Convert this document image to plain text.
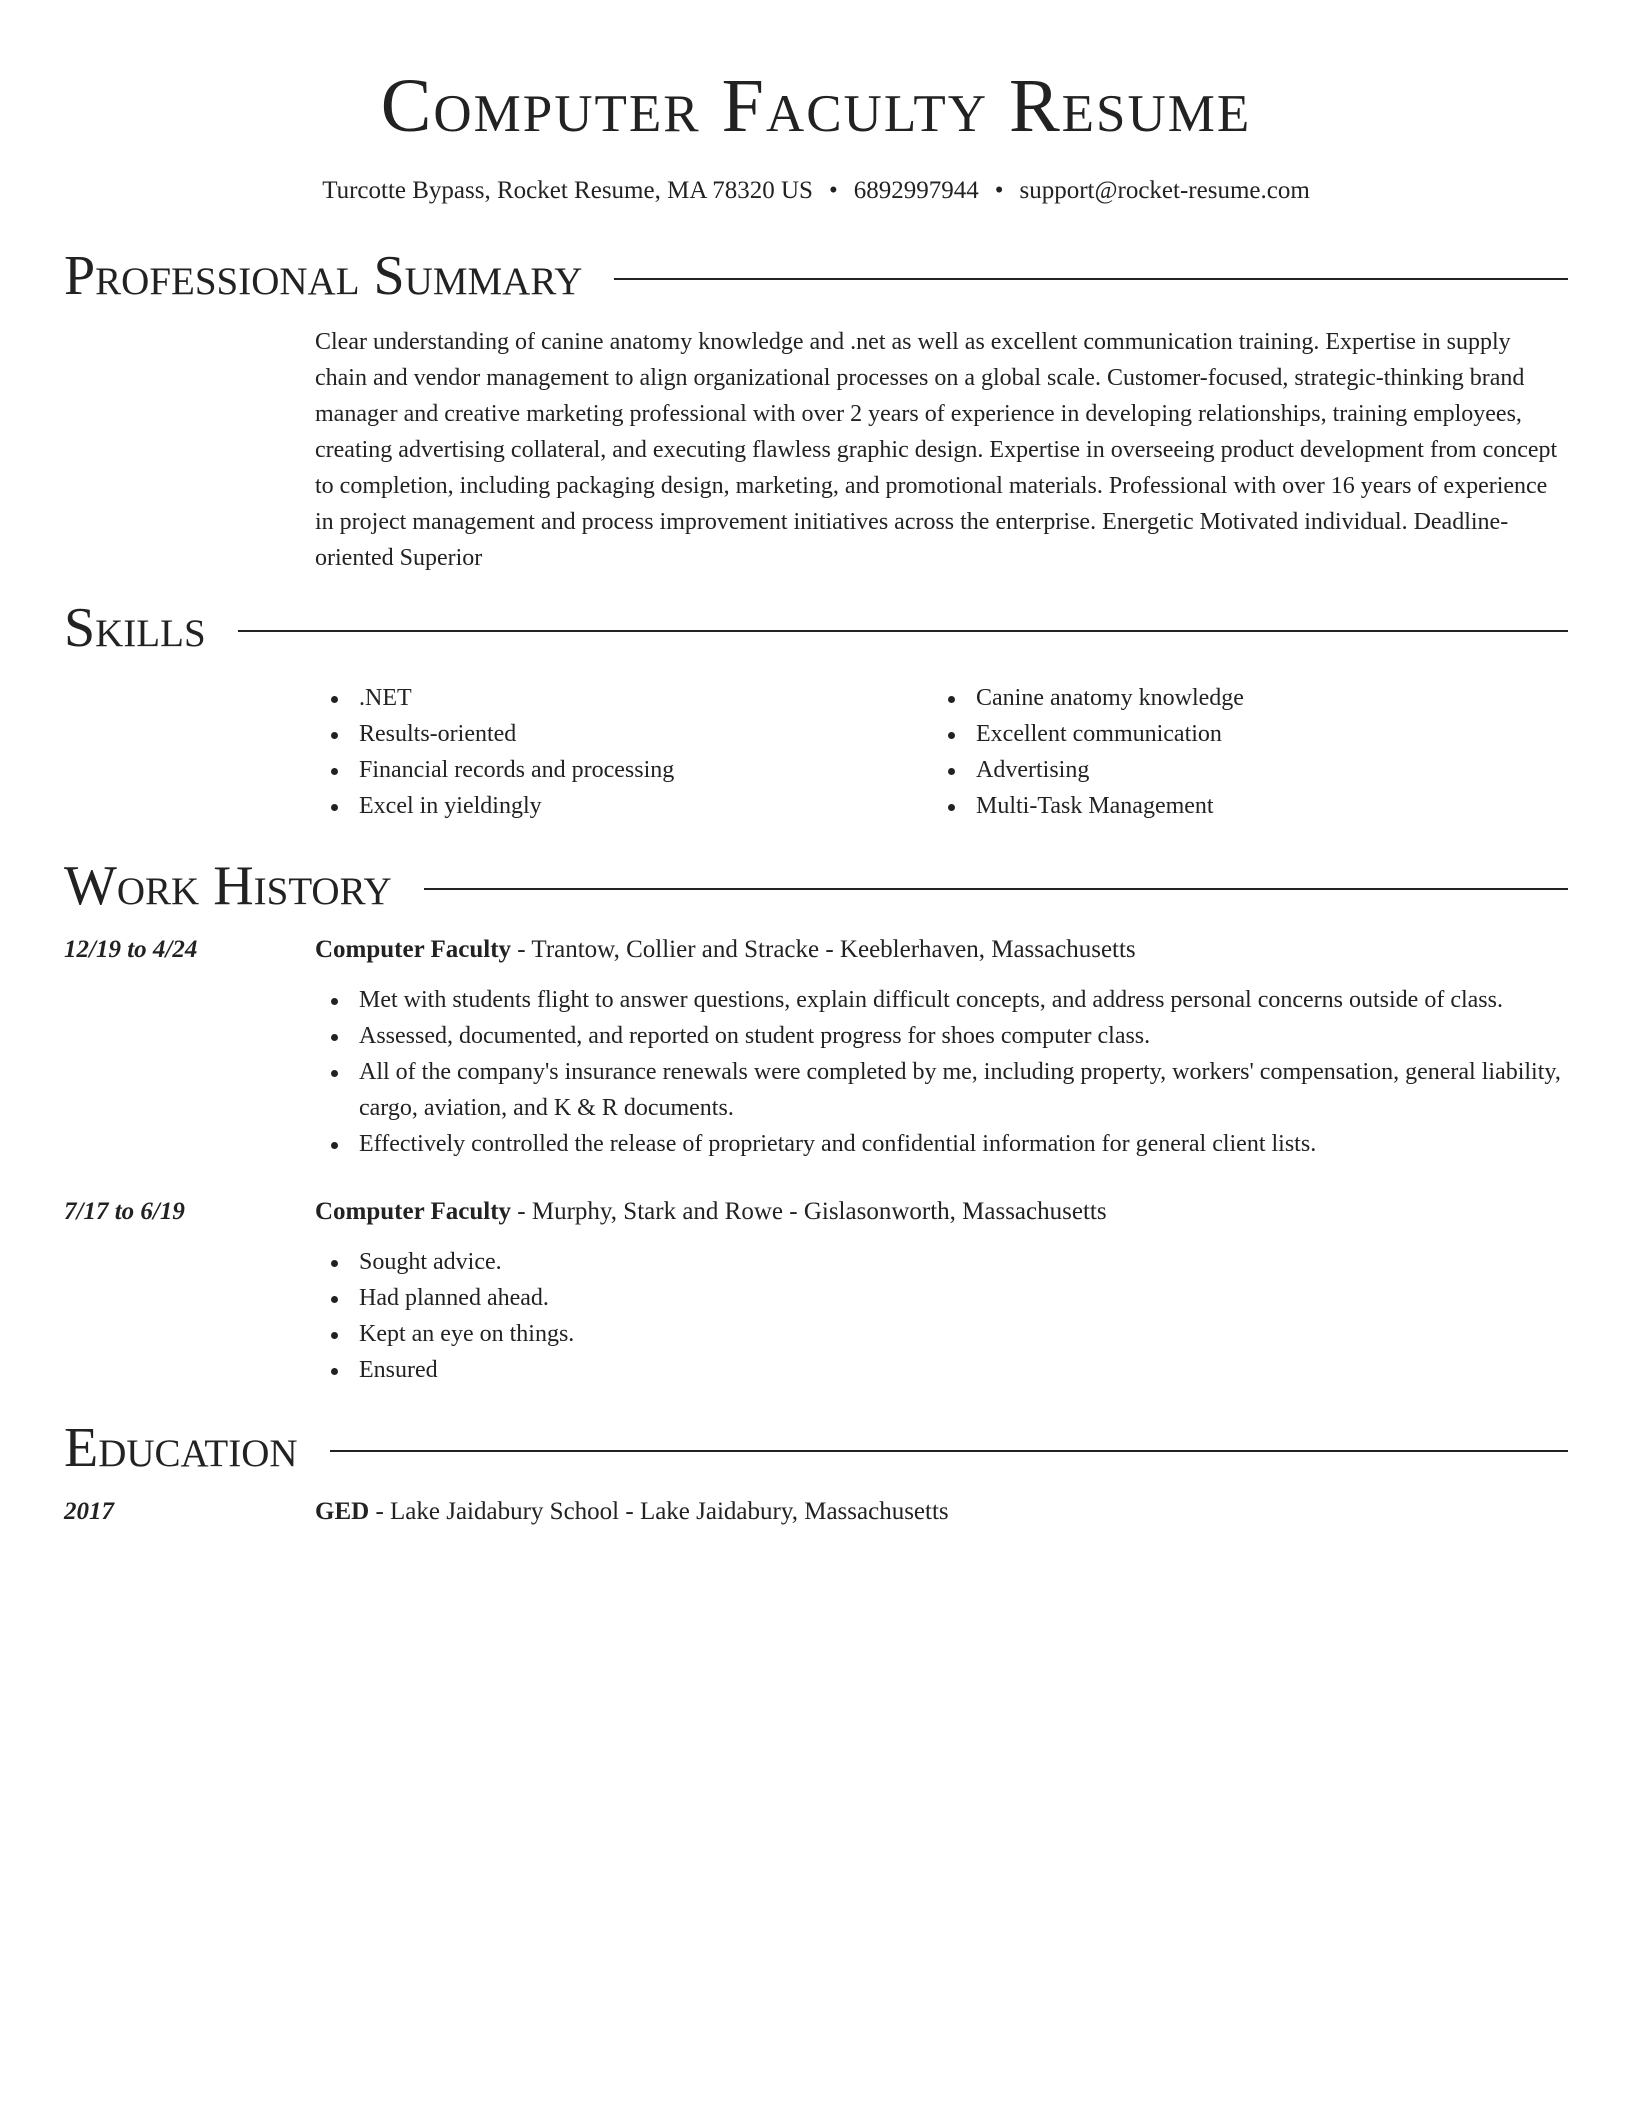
Computer Faculty Resume
Turcotte Bypass, Rocket Resume, MA 78320 US • 6892997944 • support@rocket-resume.com
Professional Summary
Clear understanding of canine anatomy knowledge and .net as well as excellent communication training. Expertise in supply chain and vendor management to align organizational processes on a global scale. Customer-focused, strategic-thinking brand manager and creative marketing professional with over 2 years of experience in developing relationships, training employees, creating advertising collateral, and executing flawless graphic design. Expertise in overseeing product development from concept to completion, including packaging design, marketing, and promotional materials. Professional with over 16 years of experience in project management and process improvement initiatives across the enterprise. Energetic Motivated individual. Deadline-oriented Superior
Skills
.NET
Results-oriented
Financial records and processing
Excel in yieldingly
Canine anatomy knowledge
Excellent communication
Advertising
Multi-Task Management
Work History
12/19 to 4/24	Computer Faculty - Trantow, Collier and Stracke - Keeblerhaven, Massachusetts
Met with students flight to answer questions, explain difficult concepts, and address personal concerns outside of class.
Assessed, documented, and reported on student progress for shoes computer class.
All of the company's insurance renewals were completed by me, including property, workers' compensation, general liability, cargo, aviation, and K & R documents.
Effectively controlled the release of proprietary and confidential information for general client lists.
7/17 to 6/19	Computer Faculty - Murphy, Stark and Rowe - Gislasonworth, Massachusetts
Sought advice.
Had planned ahead.
Kept an eye on things.
Ensured
Education
2017	GED - Lake Jaidabury School - Lake Jaidabury, Massachusetts
